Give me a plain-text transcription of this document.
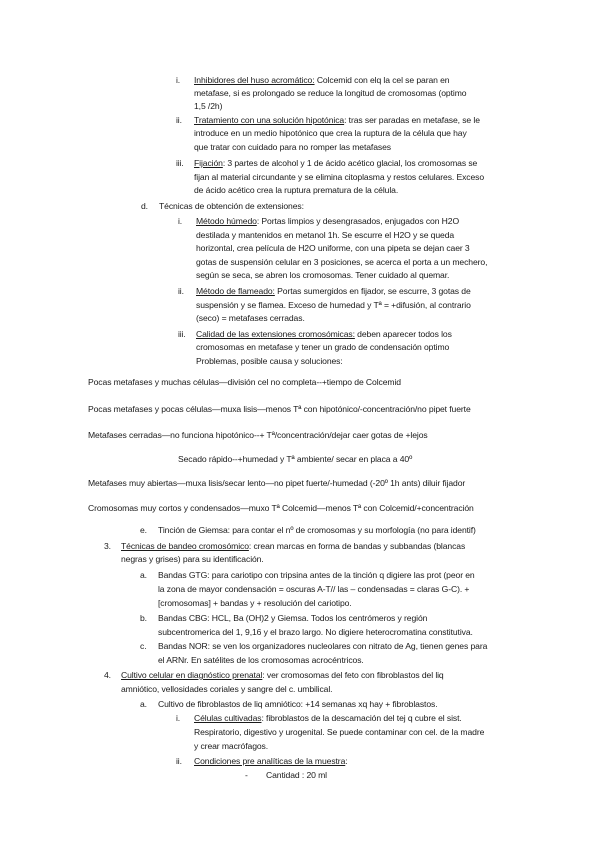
i. Inhibidores del huso acromático: Colcemid con elq la cel se paran en
metafase, si es prolongado se reduce la longitud de cromosomas (optimo
1,5 /2h)
ii. Tratamiento con una solución hipotónica: tras ser paradas en metafase, se le
introduce en un medio hipotónico que crea la ruptura de la célula que hay
que tratar con cuidado para no romper las metafases
iii. Fijación: 3 partes de alcohol y 1 de ácido acético glacial, los cromosomas se
fijan al material circundante y se elimina citoplasma y restos celulares. Exceso
de ácido acético crea la ruptura prematura de la célula.
d. Técnicas de obtención de extensiones:
i. Método húmedo: Portas limpios y desengrasados, enjugados con H2O
destilada y mantenidos en metanol 1h. Se escurre el H2O y se queda
horizontal, crea película de H2O uniforme, con una pipeta se dejan caer 3
gotas de suspensión celular en 3 posiciones, se acerca el porta a un mechero,
según se seca, se abren los cromosomas. Tener cuidado al quemar.
ii. Método de flameado: Portas sumergidos en fijador, se escurre, 3 gotas de
suspensión y se flamea. Exceso de humedad y Tª = +difusión, al contrario
(seco) = metafases cerradas.
iii. Calidad de las extensiones cromosómicas: deben aparecer todos los
cromosomas en metafase y tener un grado de condensación optimo
Problemas, posible causa y soluciones:
Pocas metafases y muchas células—división cel no completa--+tiempo de Colcemid
Pocas metafases y pocas células—muxa lisis—menos Tª con hipotónico/-concentración/no pipet fuerte
Metafases cerradas—no funciona hipotónico--+ Tª/concentración/dejar caer gotas de +lejos
Secado rápido--+humedad y Tª ambiente/ secar en placa a 40º
Metafases muy abiertas—muxa lisis/secar lento—no pipet fuerte/-humedad (-20º 1h ants) diluir fijador
Cromosomas muy cortos y condensados—muxo Tª Colcemid—menos Tª con Colcemid/+concentración
e. Tinción de Giemsa: para contar el nº de cromosomas y su morfología (no para identif)
3. Técnicas de bandeo cromosómico: crean marcas en forma de bandas y subbandas (blancas
negras y grises) para su identificación.
a. Bandas GTG: para cariotipo con tripsina antes de la tinción q digiere las prot (peor en
la zona de mayor condensación = oscuras A-T// las – condensadas = claras G-C). +
[cromosomas] + bandas y + resolución del cariotipo.
b. Bandas CBG: HCL, Ba (OH)2 y Giemsa. Todos los centrómeros y región
subcentromerica del 1, 9,16 y el brazo largo. No digiere heterocromatina constitutiva.
c. Bandas NOR: se ven los organizadores nucleolares con nitrato de Ag, tienen genes para
el ARNr. En satélites de los cromosomas acrocéntricos.
4. Cultivo celular en diagnóstico prenatal: ver cromosomas del feto con fibroblastos del liq
amniótico, vellosidades coriales y sangre del c. umbilical.
a. Cultivo de fibroblastos de liq amniótico: +14 semanas xq hay + fibroblastos.
i. Células cultivadas: fibroblastos de la descamación del tej q cubre el sist.
Respiratorio, digestivo y urogenital. Se puede contaminar con cel. de la madre
y crear macrófagos.
ii. Condiciones pre analíticas de la muestra:
- Cantidad : 20 ml
